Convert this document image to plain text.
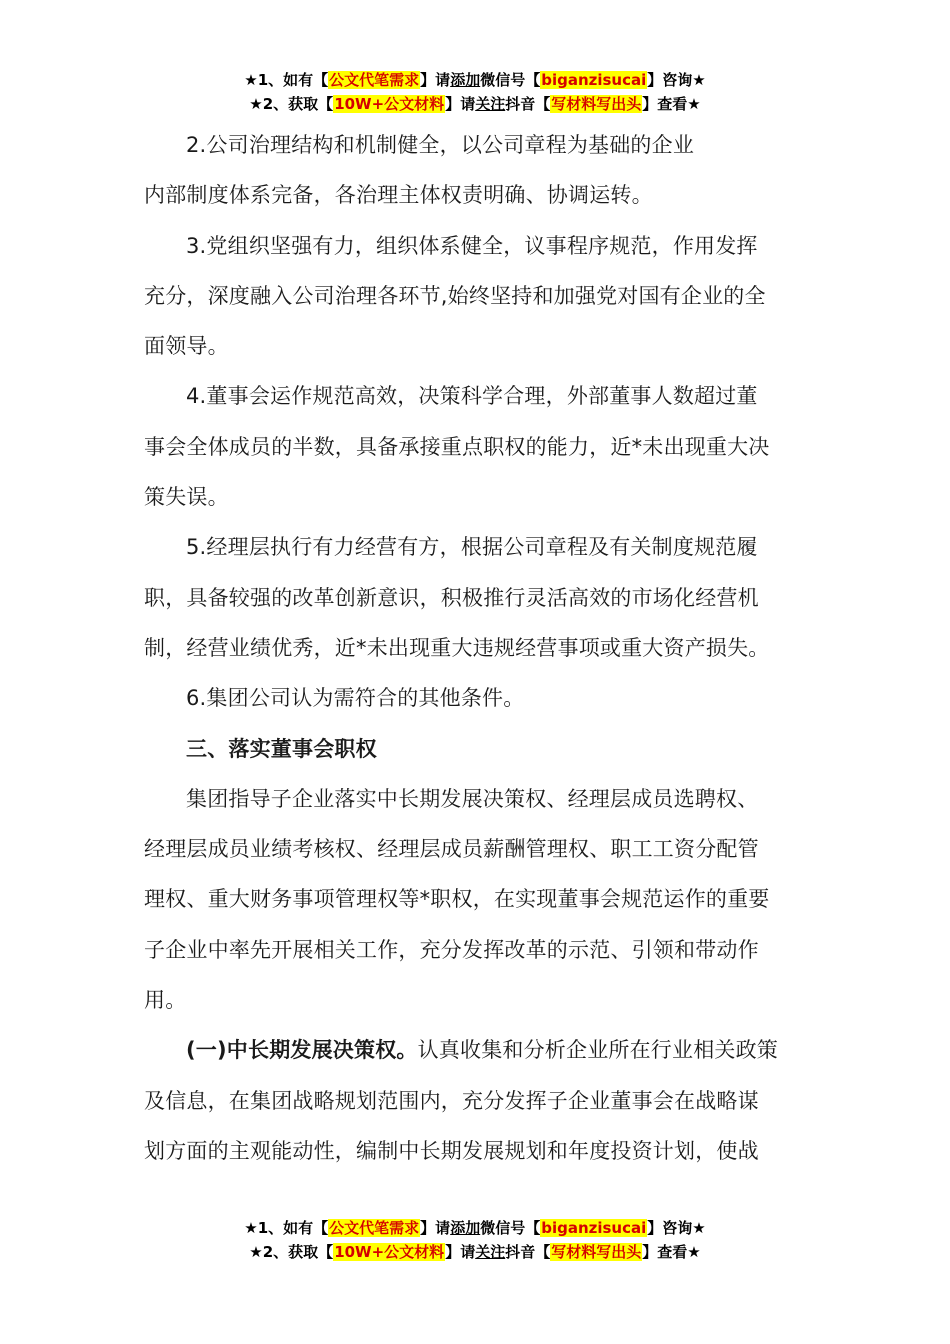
★1、如有【公文代笔需求】请添加微信号【biganzisucai】咨询★
★2、获取【10W+公文材料】请关注抖音【写材料写出头】查看★
2.公司治理结构和机制健全，以公司章程为基础的企业
内部制度体系完备，各治理主体权责明确、协调运转。
3.党组织坚强有力，组织体系健全，议事程序规范，作用发挥
充分，深度融入公司治理各环节,始终坚持和加强党对国有企业的全
面领导。
4.董事会运作规范高效，决策科学合理，外部董事人数超过董
事会全体成员的半数，具备承接重点职权的能力，近*未出现重大决
策失误。
5.经理层执行有力经营有方，根据公司章程及有关制度规范履
职，具备较强的改革创新意识，积极推行灵活高效的市场化经营机
制，经营业绩优秀，近*未出现重大违规经营事项或重大资产损失。
6.集团公司认为需符合的其他条件。
三、落实董事会职权
集团指导子企业落实中长期发展决策权、经理层成员选聘权、
经理层成员业绩考核权、经理层成员薪酬管理权、职工工资分配管
理权、重大财务事项管理权等*职权，在实现董事会规范运作的重要
子企业中率先开展相关工作，充分发挥改革的示范、引领和带动作
用。
(一)中长期发展决策权。认真收集和分析企业所在行业相关政策
及信息，在集团战略规划范围内，充分发挥子企业董事会在战略谋
划方面的主观能动性，编制中长期发展规划和年度投资计划，使战
★1、如有【公文代笔需求】请添加微信号【biganzisucai】咨询★
★2、获取【10W+公文材料】请关注抖音【写材料写出头】查看★
